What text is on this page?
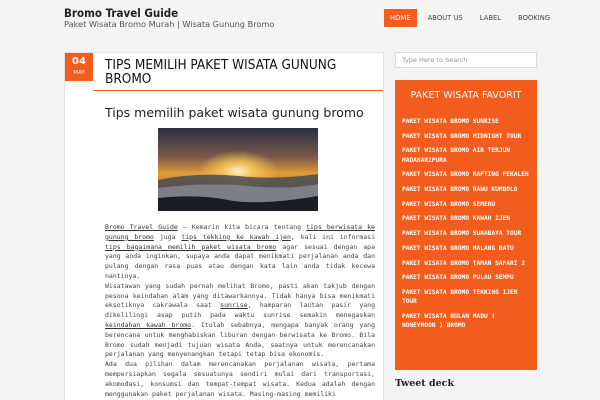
Bromo Travel Guide
Paket Wisata Bromo Murah | Wisata Gunung Bromo
HOME	ABOUT US	LABEL	BOOKING
04
MAY	TIPS MEMILIH PAKET WISATA GUNUNG BROMO
Tips memilih paket wisata gunung bromo
Bromo Travel Guide – Kemarin kita bicara tentang tips berwisata ke gunung bromo juga tips tekking ke kawah ijen, kali ini informasi tips bagaimana memilih paket wisata bromo agar sesuai dengan apa yang anda inginkan, supaya anda dapat menikmati perjalanan anda dan pulang dengan rasa puas atau dengan kata lain anda tidak kecewa nantinya.
Wisatawan yang sudah pernah melihat Bromo, pasti akan takjub dengan pesona keindahan alam yang ditawarkannya. Tidak hanya bisa menikmati eksotiknya cakrawala saat sunrise, hamparan lautan pasir yang dikelilingi asap putih pada waktu sunrise semakin menegaskan keindahan kawah bromo. Itulah sebabnya, mengapa banyak orang yang berencana untuk menghabiskan liburan dengan berwisata ke Bromo. Bila Bromo sudah menjadi tujuan wisata Anda, saatnya untuk merencanakan perjalanan yang menyenangkan tetapi tetap bisa ekonomis.
Ada dua pilihan dalam merencanakan perjalanan wisata, pertama mempersiapkan segala sesuatunya sendiri mulai dari transportasi, akomodasi, konsumsi dan tempat-tempat wisata. Kedua adalah dengan menggunakan paket perjalanan wisata. Masing-masing memiliki
Type Here to Search
PAKET WISATA FAVORIT
PAKET WISATA BROMO SUNRISE
PAKET WISATA BROMO MIDNIGHT TOUR
PAKET WISATA BROMO AIR TERJUN MADAKARIPURA
PAKET WISATA BROMO RAFTING PEKALEN
PAKET WISATA BROMO RANU KUMBOLO
PAKET WISATA BROMO SEMERU
PAKET WISATA BROMO KAWAH IJEN
PAKET WISATA BROMO SURABAYA TOUR
PAKET WISATA BROMO MALANG BATU
PAKET WISATA BROMO TAMAN SAFARI 2
PAKET WISATA BROMO PULAU SEMPU
PAKET WISATA BROMO TEKKING IJEN TOUR
PAKET WISATA BULAN MADU ( HONEYMOON ) BROMO
Tweet deck
